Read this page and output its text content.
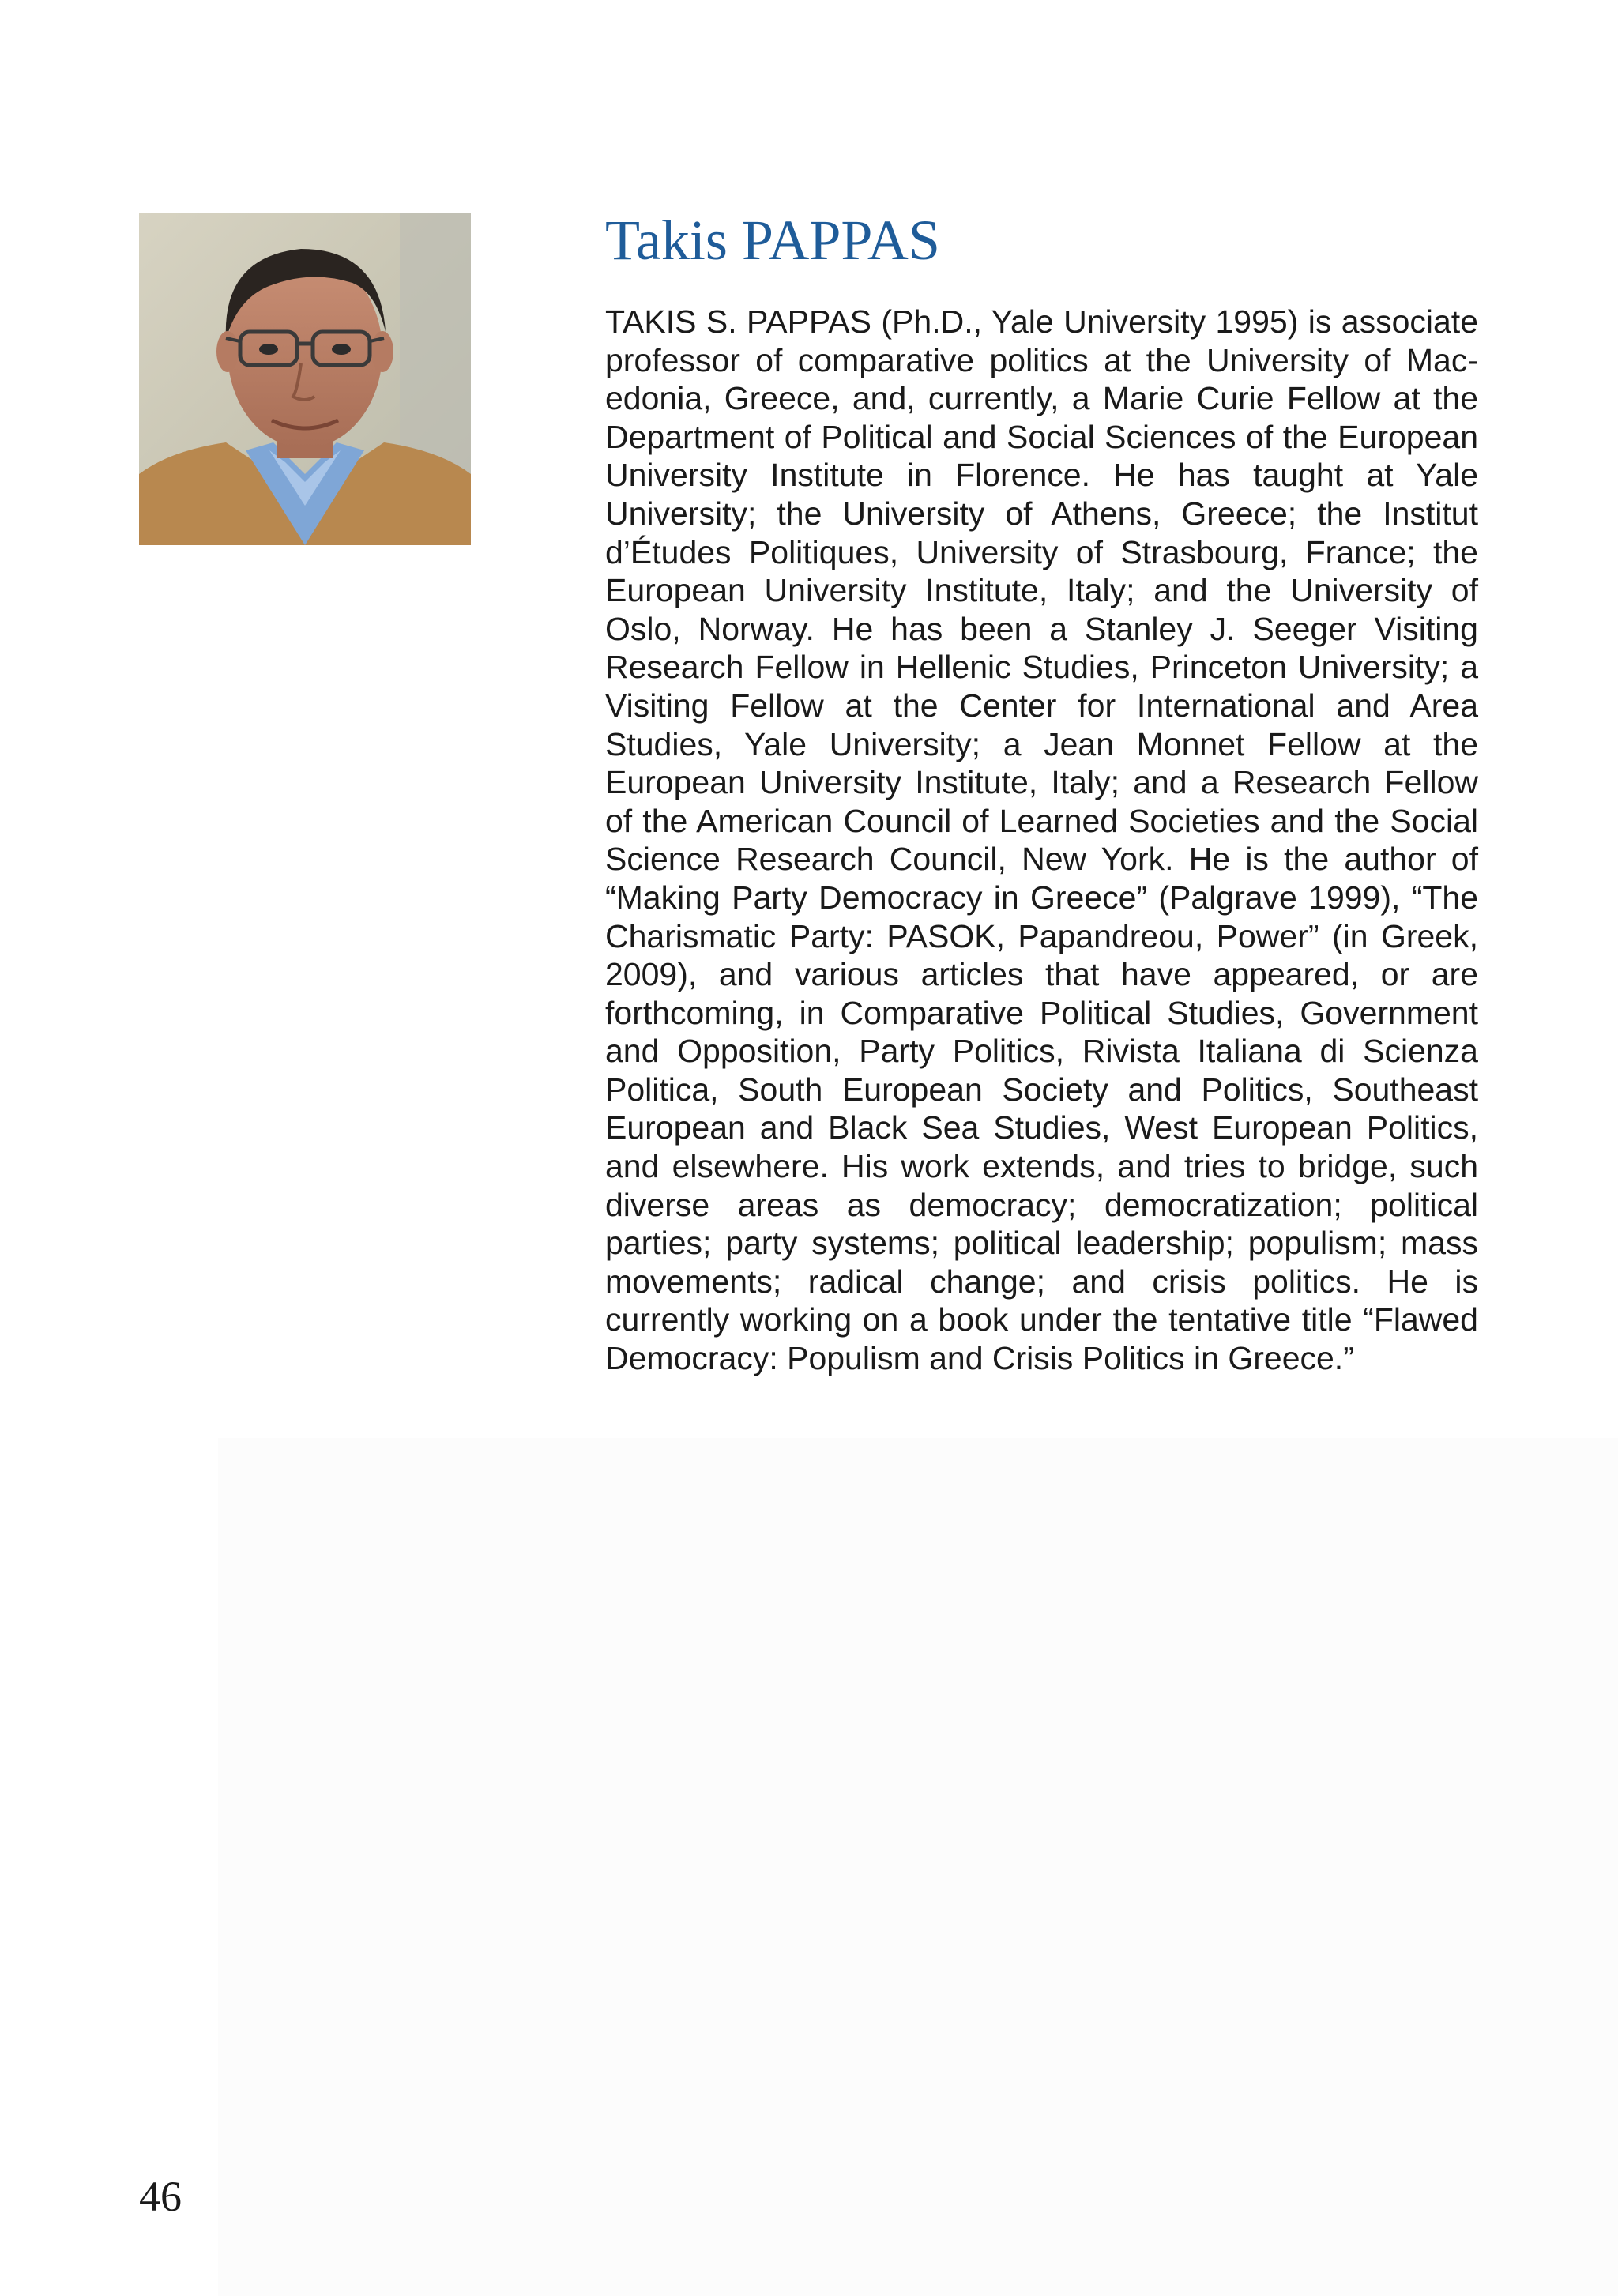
Takis PAPPAS

TAKIS S. PAPPAS (Ph.D., Yale University 1995) is associate professor of comparative politics at the University of Macedonia, Greece, and, currently, a Marie Curie Fellow at the Department of Political and Social Sciences of the European University Institute in Florence. He has taught at Yale University; the University of Athens, Greece; the Institut d’Études Politiques, University of Strasbourg, France; the European University Institute, Italy; and the University of Oslo, Norway. He has been a Stanley J. Seeger Visiting Research Fellow in Hellenic Studies, Princeton University; a Visiting Fellow at the Center for International and Area Studies, Yale University; a Jean Monnet Fellow at the European University Institute, Italy; and a Research Fellow of the American Council of Learned Societies and the Social Science Research Council, New York. He is the author of “Making Party Democracy in Greece” (Palgrave 1999), “The Charismatic Party: PASOK, Papandreou, Power” (in Greek, 2009), and various articles that have appeared, or are forthcoming, in Comparative Political Studies, Government and Opposition, Party Politics, Rivista Italiana di Scienza Politica, South European Society and Politics, Southeast European and Black Sea Studies, West European Politics, and elsewhere. His work extends, and tries to bridge, such diverse areas as democracy; democratization; political parties; party systems; political leadership; populism; mass movements; radical change; and crisis politics. He is currently working on a book under the tentative title “Flawed Democracy: Populism and Crisis Politics in Greece.”

46
